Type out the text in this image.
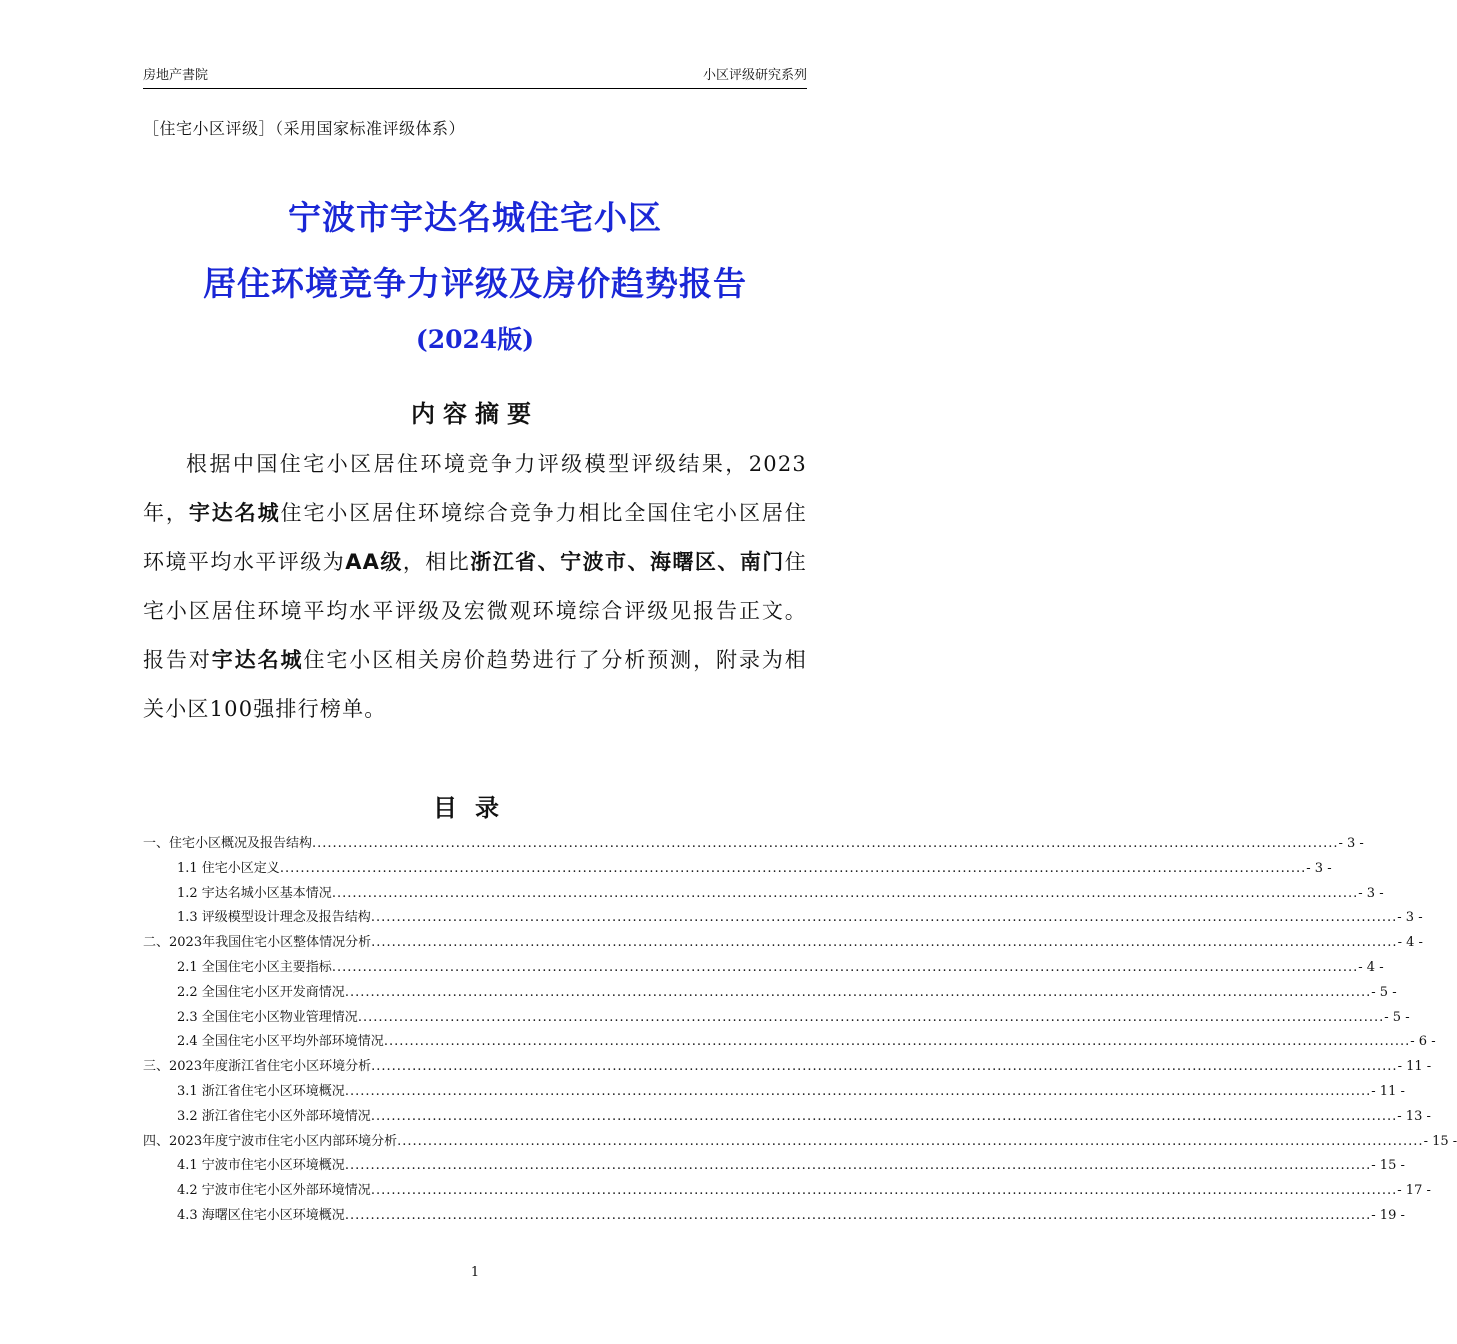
房地产書院	小区评级研究系列
［住宅小区评级］（采用国家标准评级体系）
宁波市宇达名城住宅小区
居住环境竞争力评级及房价趋势报告
(2024版)
内容摘要
根据中国住宅小区居住环境竞争力评级模型评级结果，2023年，宇达名城住宅小区居住环境综合竞争力相比全国住宅小区居住环境平均水平评级为AA级，相比浙江省、宁波市、海曙区、南门住宅小区居住环境平均水平评级及宏微观环境综合评级见报告正文。报告对宇达名城住宅小区相关房价趋势进行了分析预测，附录为相关小区100强排行榜单。
目录
一、住宅小区概况及报告结构 ........................................................................................................................................................................................................ - 3 -
1.1 住宅小区定义 ........................................................................................................................................................................................................ - 3 -
1.2 宇达名城小区基本情况 ........................................................................................................................................................................................................ - 3 -
1.3 评级模型设计理念及报告结构 ........................................................................................................................................................................................................ - 3 -
二、2023年我国住宅小区整体情况分析 ........................................................................................................................................................................................................ - 4 -
2.1 全国住宅小区主要指标 ........................................................................................................................................................................................................ - 4 -
2.2 全国住宅小区开发商情况 ........................................................................................................................................................................................................ - 5 -
2.3 全国住宅小区物业管理情况 ........................................................................................................................................................................................................ - 5 -
2.4 全国住宅小区平均外部环境情况 ........................................................................................................................................................................................................ - 6 -
三、2023年度浙江省住宅小区环境分析 ........................................................................................................................................................................................................ - 11 -
3.1 浙江省住宅小区环境概况 ........................................................................................................................................................................................................ - 11 -
3.2 浙江省住宅小区外部环境情况 ........................................................................................................................................................................................................ - 13 -
四、2023年度宁波市住宅小区内部环境分析 ........................................................................................................................................................................................................ - 15 -
4.1 宁波市住宅小区环境概况 ........................................................................................................................................................................................................ - 15 -
4.2 宁波市住宅小区外部环境情况 ........................................................................................................................................................................................................ - 17 -
4.3 海曙区住宅小区环境概况 ........................................................................................................................................................................................................ - 19 -
1
